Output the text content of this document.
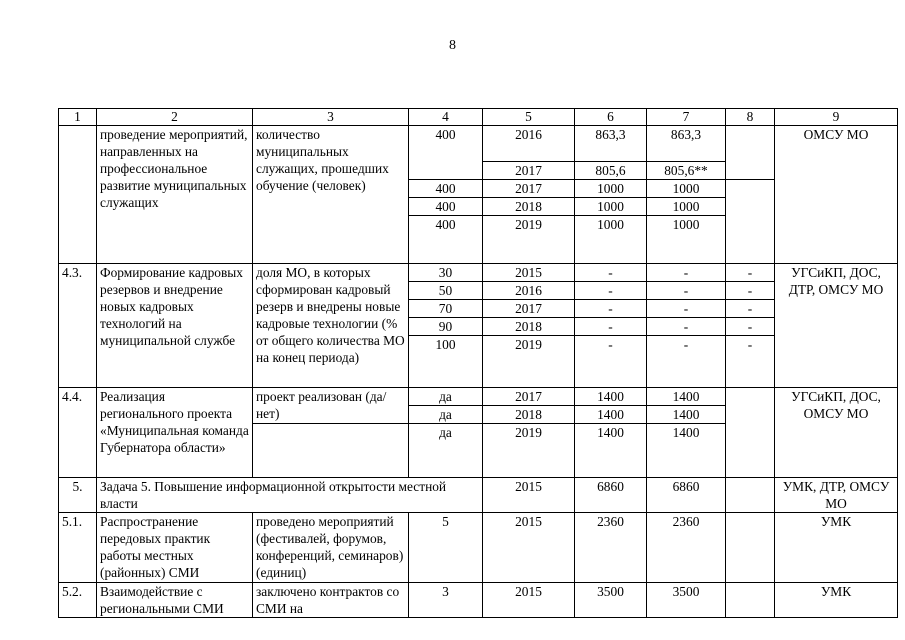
8
1	2	3	4	5	6	7	8	9
	проведение мероприятий, направленных на профессиональное развитие муниципальных служащих	количество муниципальных служащих, прошедших обучение (человек)	400	2016	863,3	863,3		ОМСУ МО
				2017	805,6	805,6**		
			400	2017	1000	1000		
			400	2018	1000	1000		
			400	2019	1000	1000		
4.3.	Формирование кадровых резервов и внедрение новых кадровых технологий на муниципальной службе	доля МО, в которых сформирован кадровый резерв и внедрены новые кадровые технологии (% от общего количества МО на конец периода)	30	2015	-	-	-	УГСиКП, ДОС, ДТР, ОМСУ МО
			50	2016	-	-	-	
			70	2017	-	-	-	
			90	2018	-	-	-	
			100	2019	-	-	-	
4.4.	Реализация регионального проекта «Муниципальная команда Губернатора области»	проект реализован (да/нет)	да	2017	1400	1400		УГСиКП, ДОС, ОМСУ МО
			да	2018	1400	1400		
			да	2019	1400	1400		
5.	Задача 5. Повышение информационной открытости местной власти			2015	6860	6860		УМК, ДТР, ОМСУ МО
5.1.	Распространение передовых практик работы местных (районных) СМИ	проведено мероприятий (фестивалей, форумов, конференций, семинаров) (единиц)	5	2015	2360	2360		УМК
5.2.	Взаимодействие с региональными СМИ	заключено контрактов со СМИ на	3	2015	3500	3500		УМК
